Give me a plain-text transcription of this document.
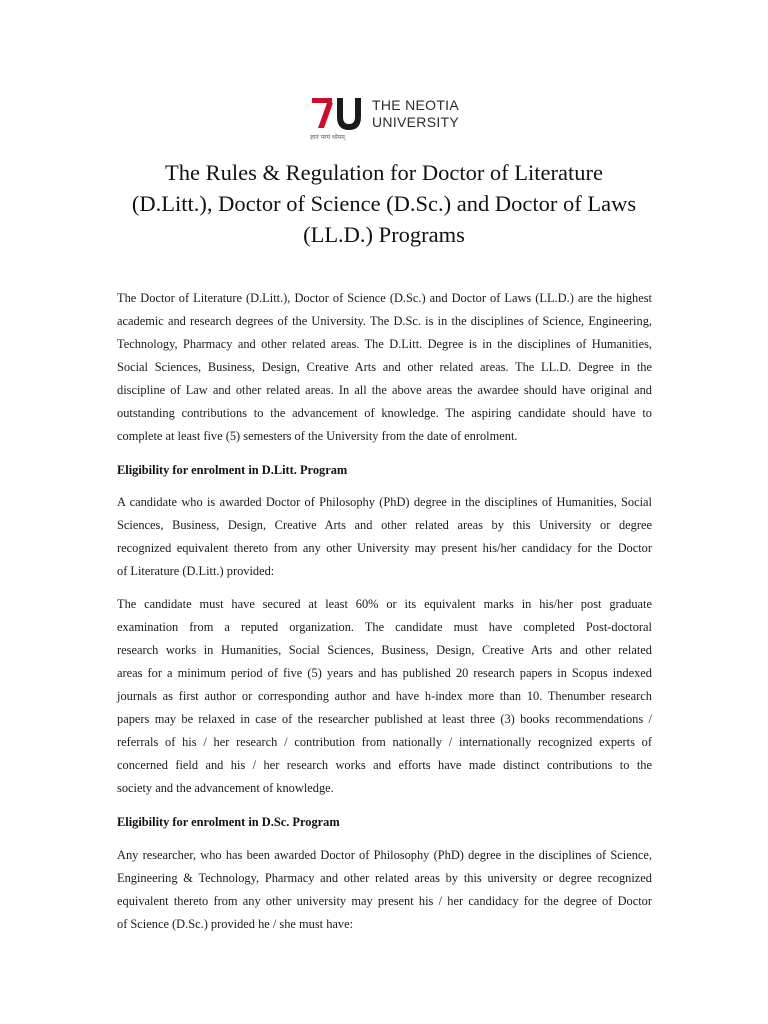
THE NEOTIA
UNIVERSITY
ज्ञानं परमं ध्येयम्
The Rules & Regulation for Doctor of Literature
(D.Litt.), Doctor of Science (D.Sc.) and Doctor of Laws
(LL.D.) Programs
The Doctor of Literature (D.Litt.), Doctor of Science (D.Sc.) and Doctor of Laws (LL.D.) are the highest
academic and research degrees of the University. The D.Sc. is in the disciplines of Science, Engineering,
Technology, Pharmacy and other related areas. The D.Litt. Degree is in the disciplines of Humanities,
Social Sciences, Business, Design, Creative Arts and other related areas. The LL.D. Degree in the
discipline of Law and other related areas. In all the above areas the awardee should have original and
outstanding contributions to the advancement of knowledge. The aspiring candidate should have to
complete at least five (5) semesters of the University from the date of enrolment.
Eligibility for enrolment in D.Litt. Program
A candidate who is awarded Doctor of Philosophy (PhD) degree in the disciplines of Humanities, Social
Sciences, Business, Design, Creative Arts and other related areas by this University or degree
recognized equivalent thereto from any other University may present his/her candidacy for the Doctor
of Literature (D.Litt.) provided:
The candidate must have secured at least 60% or its equivalent marks in his/her post graduate
examination from a reputed organization. The candidate must have completed Post-doctoral
research works in Humanities, Social Sciences, Business, Design, Creative Arts and other related
areas for a minimum period of five (5) years and has published 20 research papers in Scopus indexed
journals as first author or corresponding author and have h-index more than 10. Thenumber research
papers may be relaxed in case of the researcher published at least three (3) books recommendations /
referrals of his / her research / contribution from nationally / internationally recognized experts of
concerned field and his / her research works and efforts have made distinct contributions to the
society and the advancement of knowledge.
Eligibility for enrolment in D.Sc. Program
Any researcher, who has been awarded Doctor of Philosophy (PhD) degree in the disciplines of Science,
Engineering & Technology, Pharmacy and other related areas by this university or degree recognized
equivalent thereto from any other university may present his / her candidacy for the degree of Doctor
of Science (D.Sc.) provided he / she must have:
